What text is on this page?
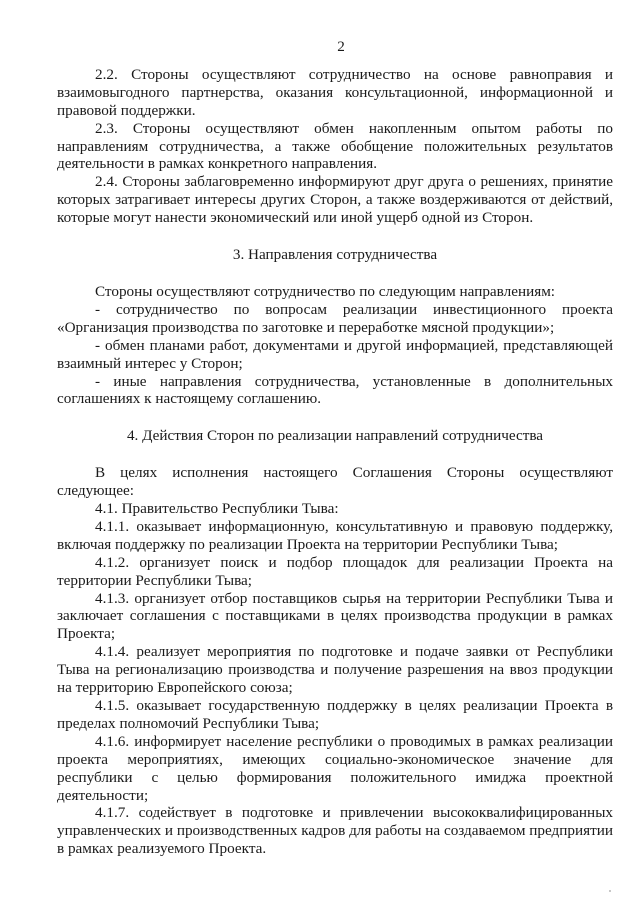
2

2.2. Стороны осуществляют сотрудничество на основе равноправия и взаимовыгодного партнерства, оказания консультационной, информационной и правовой поддержки.

2.3. Стороны осуществляют обмен накопленным опытом работы по направлениям сотрудничества, а также обобщение положительных результатов деятельности в рамках конкретного направления.

2.4. Стороны заблаговременно информируют друг друга о решениях, принятие которых затрагивает интересы других Сторон, а также воздерживаются от действий, которые могут нанести экономический или иной ущерб одной из Сторон.

3. Направления сотрудничества

Стороны осуществляют сотрудничество по следующим направлениям:

- сотрудничество по вопросам реализации инвестиционного проекта «Организация производства по заготовке и переработке мясной продукции»;

- обмен планами работ, документами и другой информацией, представляющей взаимный интерес у Сторон;

- иные направления сотрудничества, установленные в дополнительных соглашениях к настоящему соглашению.

4. Действия Сторон по реализации направлений сотрудничества

В целях исполнения настоящего Соглашения Стороны осуществляют следующее:

4.1. Правительство Республики Тыва:

4.1.1. оказывает информационную, консультативную и правовую поддержку, включая поддержку по реализации Проекта на территории Республики Тыва;

4.1.2. организует поиск и подбор площадок для реализации Проекта на территории Республики Тыва;

4.1.3. организует отбор поставщиков сырья на территории Республики Тыва и заключает соглашения с поставщиками в целях производства продукции в рамках Проекта;

4.1.4. реализует мероприятия по подготовке и подаче заявки от Республики Тыва на регионализацию производства и получение разрешения на ввоз продукции на территорию Европейского союза;

4.1.5. оказывает государственную поддержку в целях реализации Проекта в пределах полномочий Республики Тыва;

4.1.6. информирует население республики о проводимых в рамках реализации проекта мероприятиях, имеющих социально-экономическое значение для республики с целью формирования положительного имиджа проектной деятельности;

4.1.7. содействует в подготовке и привлечении высококвалифицированных управленческих и производственных кадров для работы на создаваемом предприятии в рамках реализуемого Проекта.
